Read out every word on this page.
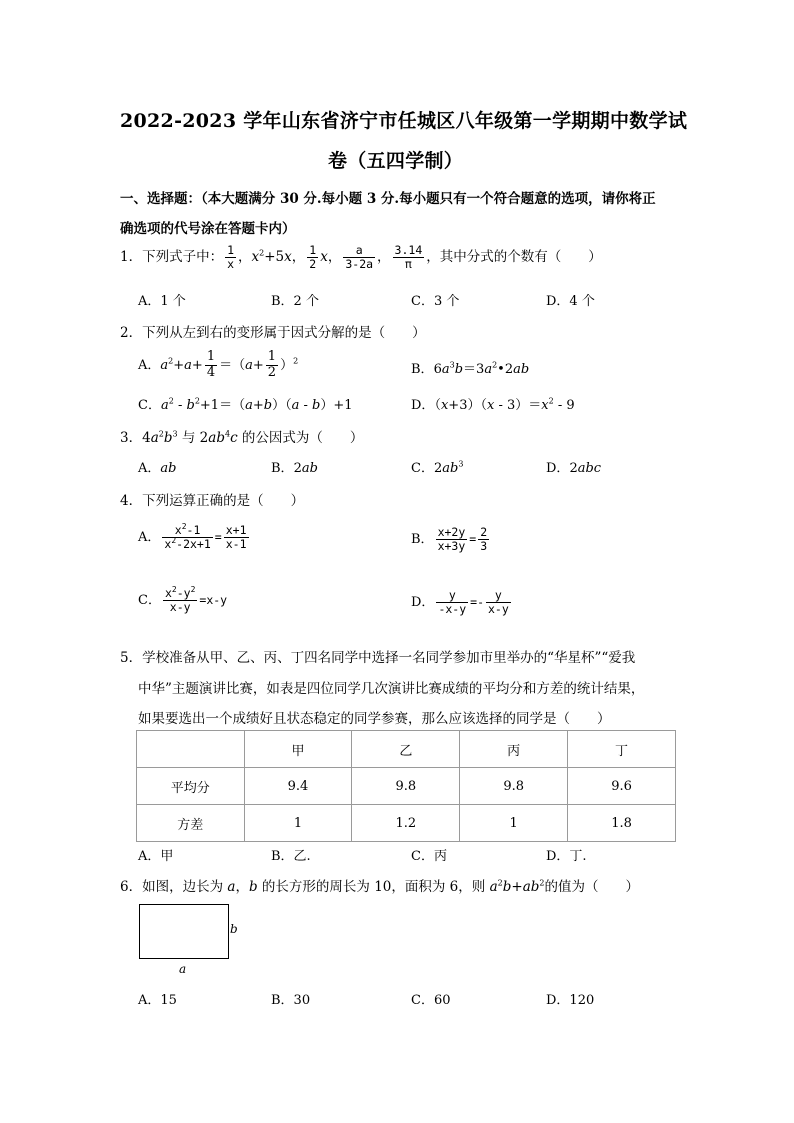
2022-2023 学年山东省济宁市任城区八年级第一学期期中数学试
卷（五四学制）
一、选择题：（本大题满分 30 分.每小题 3 分.每小题只有一个符合题意的选项，请你将正
确选项的代号涂在答题卡内）
1．下列式子中： $\frac{1}{x}$ ，$x^2+5x$， $\frac{1}{2}$ x， $\frac{a}{3-2a}$ ， $\frac{3.14}{\pi}$ ，其中分式的个数有（　　）
A．1 个	B．2 个	C．3 个	D．4 个
2．下列从左到右的变形属于因式分解的是（　　）
A．$a^2+a+ \frac{1}{4} =(a+ \frac{1}{2} )^2$
B．$6a^3b=3a^2•2ab$
C．$a^2 - b^2+1=(a+b)(a - b)+1$	D．$(x+3)(x - 3)=x^2 - 9$
3．$4a^2b^3$ 与 $2ab^4c$ 的公因式为（　　）
A．ab	B．2ab	C．$2ab^3$	D．2abc
4．下列运算正确的是（　　）
A． $\frac{x^2-1}{x^2-2x+1} = \frac{x+1}{x-1}$	B． $\frac{x+2y}{x+3y} = \frac{2}{3}$
C． $\frac{x^2-y^2}{x-y} =x-y$	D． $\frac{y}{-x-y} =- \frac{y}{x-y}$
5．学校准备从甲、乙、丙、丁四名同学中选择一名同学参加市里举办的“华星杯”“爱我
中华”主题演讲比赛，如表是四位同学几次演讲比赛成绩的平均分和方差的统计结果，
如果要选出一个成绩好且状态稳定的同学参赛，那么应该选择的同学是（　　）
	甲	乙	丙	丁
平均分	9.4	9.8	9.8	9.6
方差	1	1.2	1	1.8
A．甲	B．乙.	C．丙	D．丁.
6．如图，边长为 a，b 的长方形的周长为 10，面积为 6，则 $a^2b+ab^2$的值为（　　）
b
a
A．15	B．30	C．60	D．120
